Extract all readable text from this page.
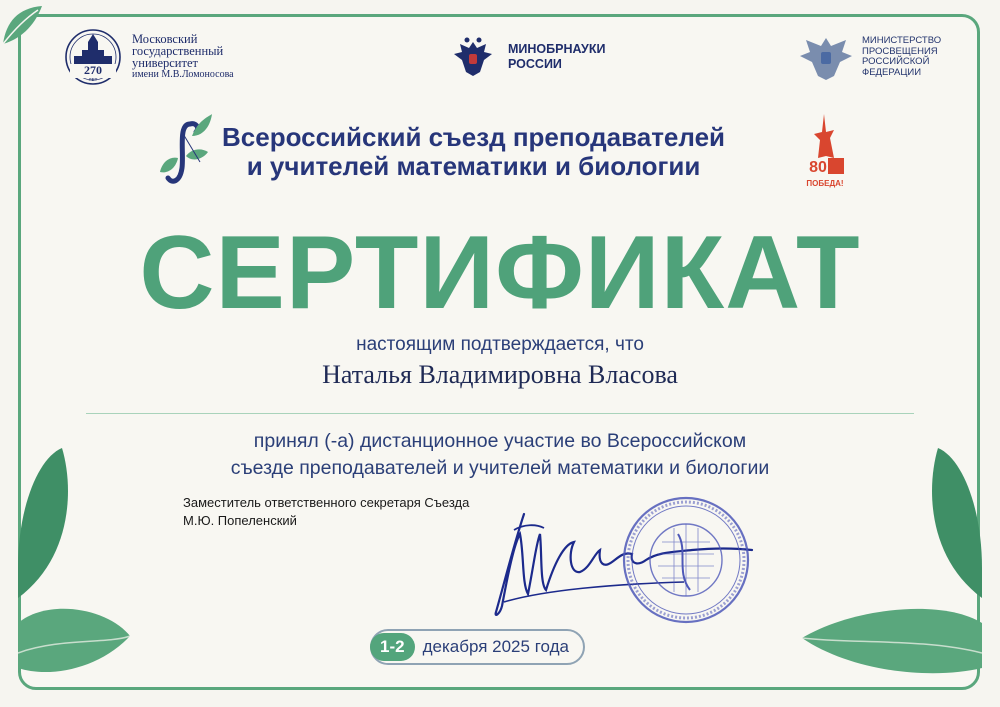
270
ЛЕТ
Московский
государственный
университет
имени М.В.Ломоносова
МИНОБРНАУКИ
РОССИИ
МИНИСТЕРСТВО
ПРОСВЕЩЕНИЯ
РОССИЙСКОЙ
ФЕДЕРАЦИИ
Всероссийский съезд преподавателей
и учителей математики и биологии	80
ПОБЕДА!
СЕРТИФИКАТ
настоящим подтверждается, что
Наталья Владимировна Власова
принял (-а) дистанционное участие во Всероссийском
съезде преподавателей и учителей математики и биологии
Заместитель ответственного секретаря Съезда
М.Ю. Попеленский
1-2	декабря 2025 года
